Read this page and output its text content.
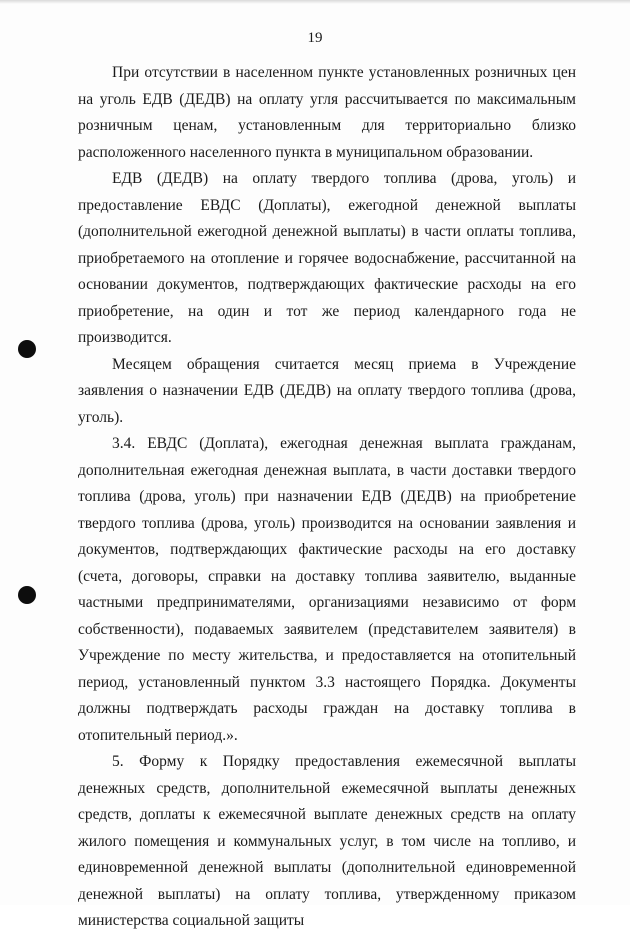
19

При отсутствии в населенном пункте установленных розничных цен на уголь ЕДВ (ДЕДВ) на оплату угля рассчитывается по максимальным розничным ценам, установленным для территориально близко расположенного населенного пункта в муниципальном образовании.

ЕДВ (ДЕДВ) на оплату твердого топлива (дрова, уголь) и предоставление ЕВДС (Доплаты), ежегодной денежной выплаты (дополнительной ежегодной денежной выплаты) в части оплаты топлива, приобретаемого на отопление и горячее водоснабжение, рассчитанной на основании документов, подтверждающих фактические расходы на его приобретение, на один и тот же период календарного года не производится.

Месяцем обращения считается месяц приема в Учреждение заявления о назначении ЕДВ (ДЕДВ) на оплату твердого топлива (дрова, уголь).

3.4. ЕВДС (Доплата), ежегодная денежная выплата гражданам, дополнительная ежегодная денежная выплата, в части доставки твердого топлива (дрова, уголь) при назначении ЕДВ (ДЕДВ) на приобретение твердого топлива (дрова, уголь) производится на основании заявления и документов, подтверждающих фактические расходы на его доставку (счета, договоры, справки на доставку топлива заявителю, выданные частными предпринимателями, организациями независимо от форм собственности), подаваемых заявителем (представителем заявителя) в Учреждение по месту жительства, и предоставляется на отопительный период, установленный пунктом 3.3 настоящего Порядка. Документы должны подтверждать расходы граждан на доставку топлива в отопительный период.».

5. Форму к Порядку предоставления ежемесячной выплаты денежных средств, дополнительной ежемесячной выплаты денежных средств, доплаты к ежемесячной выплате денежных средств на оплату жилого помещения и коммунальных услуг, в том числе на топливо, и единовременной денежной выплаты (дополнительной единовременной денежной выплаты) на оплату топлива, утвержденному приказом министерства социальной защиты
